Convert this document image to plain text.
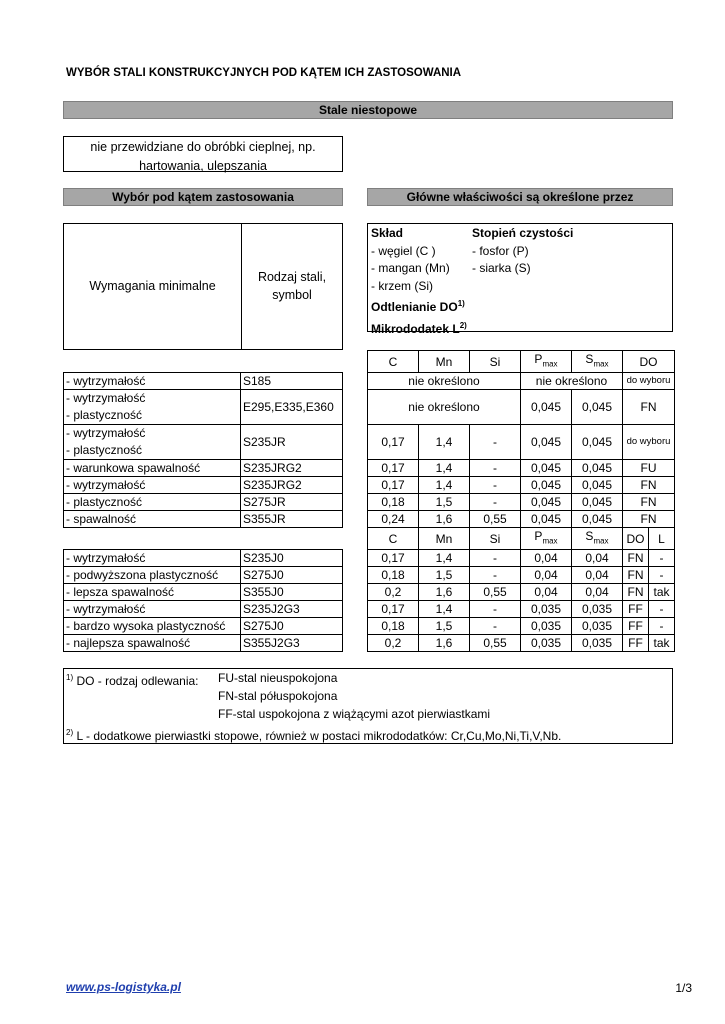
WYBÓR STALI KONSTRUKCYJNYCH POD KĄTEM ICH ZASTOSOWANIA
Stale niestopowe
nie przewidziane do obróbki cieplnej, np.
hartowania, ulepszania
Wybór pod kątem zastosowania	Główne właściwości są określone przez
Wymagania minimalne
Rodzaj stali,
symbol
Skład
- węgiel (C )
- mangan (Mn)
- krzem (Si)
Odtlenianie DO$^{1)}$
Mikrododatek $L^{2)}$
Stopień czystości
- fosfor (P)
- siarka (S)
			C	Mn	Si	$P_{max}$	$S_{max}$	DO
- wytrzymałość	S185		nie określono			nie określono		do wyboru

- wytrzymałość
- plastyczność	E295,E335,E360		nie określono			0,045	0,045	FN

- wytrzymałość
- plastyczność	S235JR		0,17	1,4	-	0,045	0,045	do wyboru
- warunkowa spawalność	S235JRG2		0,17	1,4	-	0,045	0,045	FU
- wytrzymałość	S235JRG2		0,17	1,4	-	0,045	0,045	FN
- plastyczność	S275JR		0,18	1,5	-	0,045	0,045	FN
- spawalność	S355JR		0,24	1,6	0,55	0,045	0,045	FN
			C	Mn	Si	$P_{max}$	$S_{max}$	DO	L
- wytrzymałość	S235J0		0,17	1,4	-	0,04	0,04	FN	-
- podwyższona plastyczność	S275J0		0,18	1,5	-	0,04	0,04	FN	-
- lepsza spawalność	S355J0		0,2	1,6	0,55	0,04	0,04	FN	tak
- wytrzymałość	S235J2G3		0,17	1,4	-	0,035	0,035	FF	-
- bardzo wysoka plastyczność	S275J0		0,18	1,5	-	0,035	0,035	FF	-
- najlepsza spawalność	S355J2G3		0,2	1,6	0,55	0,035	0,035	FF	tak
$^{1)}$ DO - rodzaj odlewania: FU-stal nieuspokojona
FN-stal półuspokojona
FF-stal uspokojona z wiążącymi azot pierwiastkami
$^{2)}$ L - dodatkowe pierwiastki stopowe, również w postaci mikrododatków: Cr,Cu,Mo,Ni,Ti,V,Nb.
www.ps-logistyka.pl	1/3
